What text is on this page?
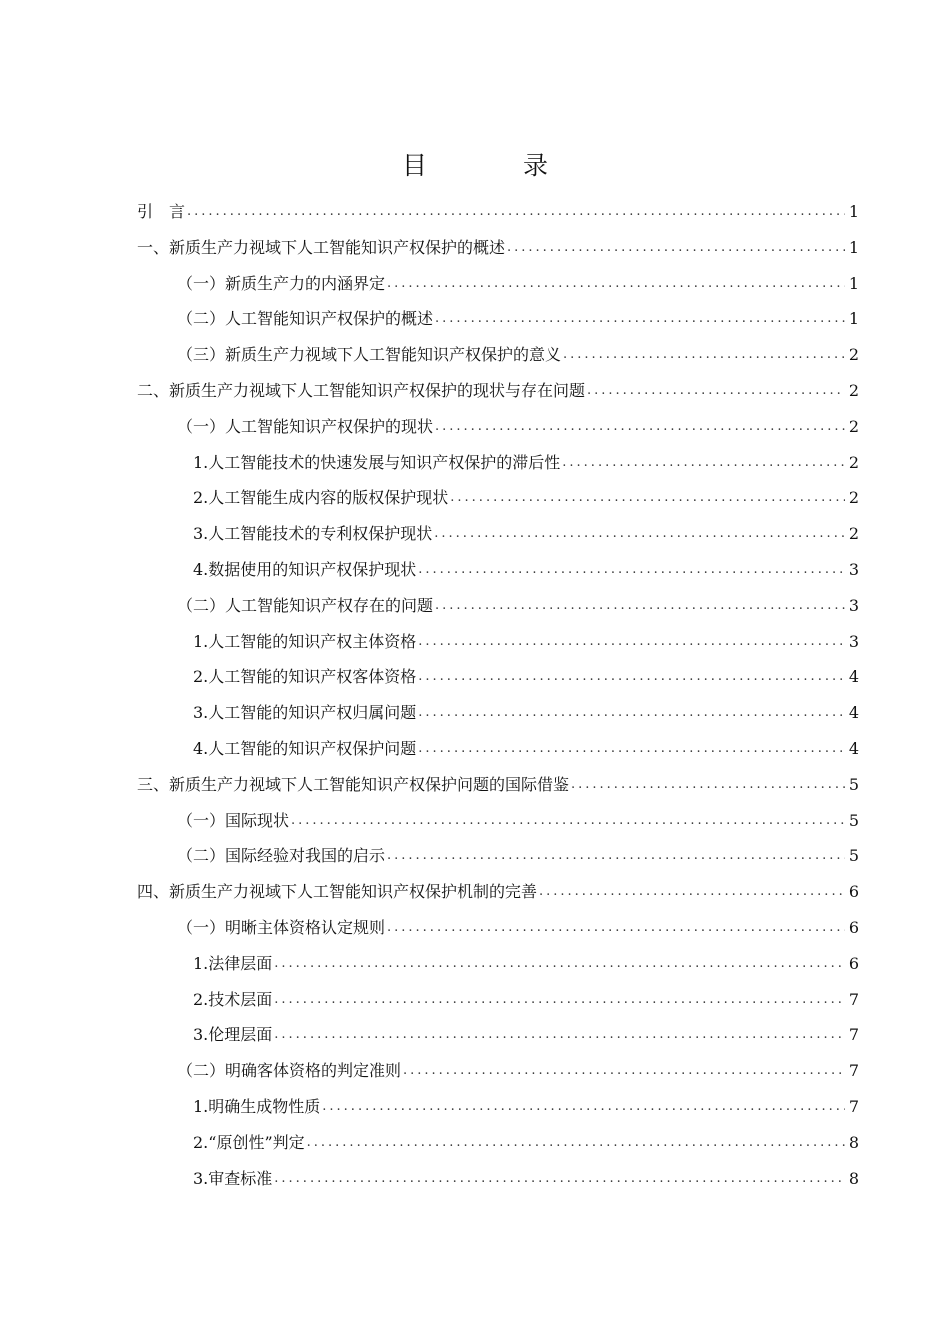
目 录
引　言 .....	1
一、新质生产力视域下人工智能知识产权保护的概述 .....	1
（一）新质生产力的内涵界定 .....	1
（二）人工智能知识产权保护的概述 .....	1
（三）新质生产力视域下人工智能知识产权保护的意义 .....	2
二、新质生产力视域下人工智能知识产权保护的现状与存在问题 .....	2
（一）人工智能知识产权保护的现状 .....	2
1.人工智能技术的快速发展与知识产权保护的滞后性 .....	2
2.人工智能生成内容的版权保护现状 .....	2
3.人工智能技术的专利权保护现状 .....	2
4.数据使用的知识产权保护现状 .....	3
（二）人工智能知识产权存在的问题 .....	3
1.人工智能的知识产权主体资格 .....	3
2.人工智能的知识产权客体资格 .....	4
3.人工智能的知识产权归属问题 .....	4
4.人工智能的知识产权保护问题 .....	4
三、新质生产力视域下人工智能知识产权保护问题的国际借鉴 .....	5
（一）国际现状 .....	5
（二）国际经验对我国的启示 .....	5
四、新质生产力视域下人工智能知识产权保护机制的完善 .....	6
（一）明晰主体资格认定规则 .....	6
1.法律层面 .....	6
2.技术层面 .....	7
3.伦理层面 .....	7
（二）明确客体资格的判定准则 .....	7
1.明确生成物性质 .....	7
2.“原创性”判定 .....	8
3.审查标准 .....	8
